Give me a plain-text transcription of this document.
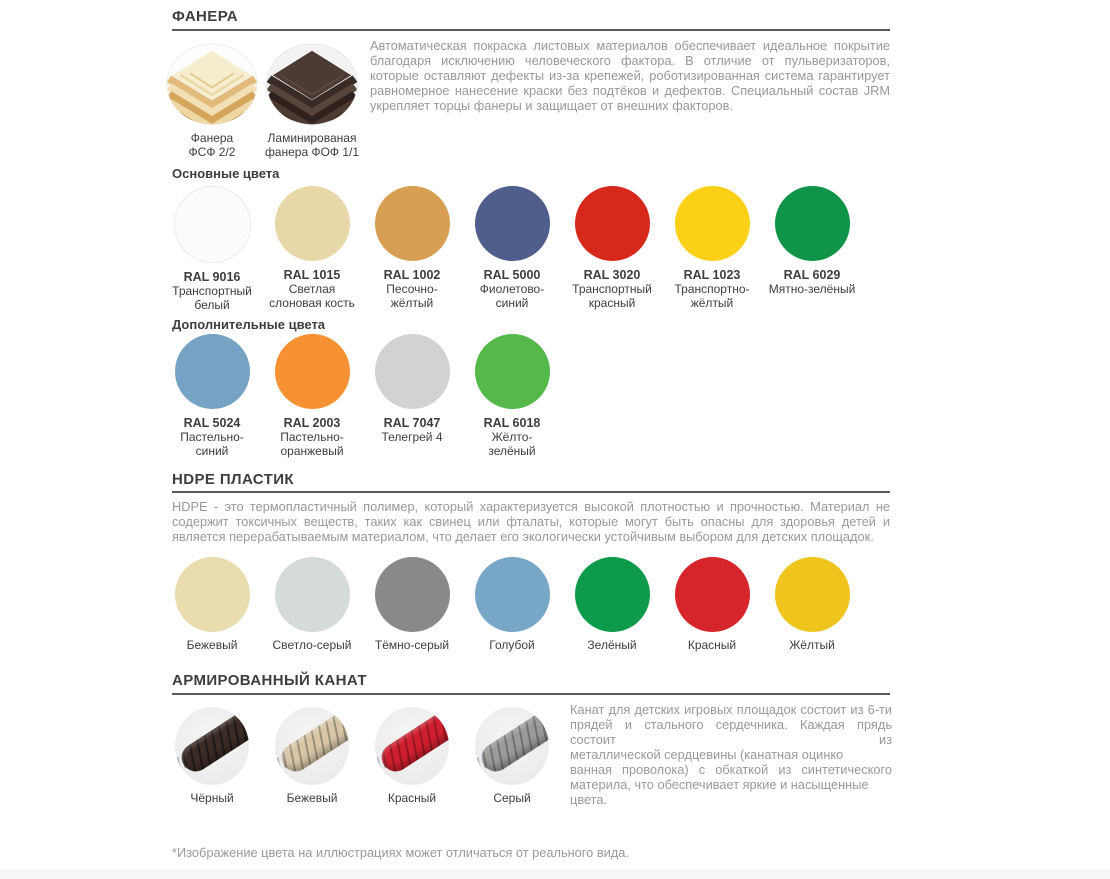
ФАНЕРА
Фанера
ФСФ 2/2
Ламинированая
фанера ФОФ 1/1

Автоматическая покраска листовых материалов обеспечивает идеальное покрытие благодаря исключению человеческого фактора. В отличие от пульверизаторов, которые оставляют дефекты из-за крепежей, роботизированная система гарантирует равномерное нанесение краски без подтёков и дефектов. Специальный состав JRM укрепляет торцы фанеры и защищает от внешних факторов.

Основные цвета
RAL 9016
Транспортный
белый
RAL 1015
Светлая
слоновая кость
RAL 1002
Песочно-
жёлтый
RAL 5000
Фиолетово-
синий
RAL 3020
Транспортный
красный
RAL 1023
Транспортно-
жёлтый
RAL 6029
Мятно-зелёный
Дополнительные цвета
RAL 5024
Пастельно-
синий
RAL 2003
Пастельно-
оранжевый
RAL 7047
Телегрей 4
RAL 6018
Жёлто-
зелёный
HDPE ПЛАСТИК

HDPE - это термопластичный полимер, который характеризуется высокой плотностью и прочностью. Материал не содержит токсичных веществ, таких как свинец или фталаты, которые могут быть опасны для здоровья детей и является перерабатываемым материалом, что делает его экологически устойчивым выбором для детских площадок.

Бежевый	Светло-серый Тёмно-серый	Голубой	Зелёный	Красный	Жёлтый
АРМИРОВАННЫЙ КАНАТ
Чёрный	Бежевый	Красный	Серый
Канат для детских игровых площадок состоит из 6-ти
прядей и стального сердечника. Каждая прядь состоит из
металлической сердцевины (канатная оцинко
ванная проволока) с обкаткой из синтетического
материла, что обеспечивает яркие и насыщенные цвета.
*Изображение цвета на иллюстрациях может отличаться от реального вида.
